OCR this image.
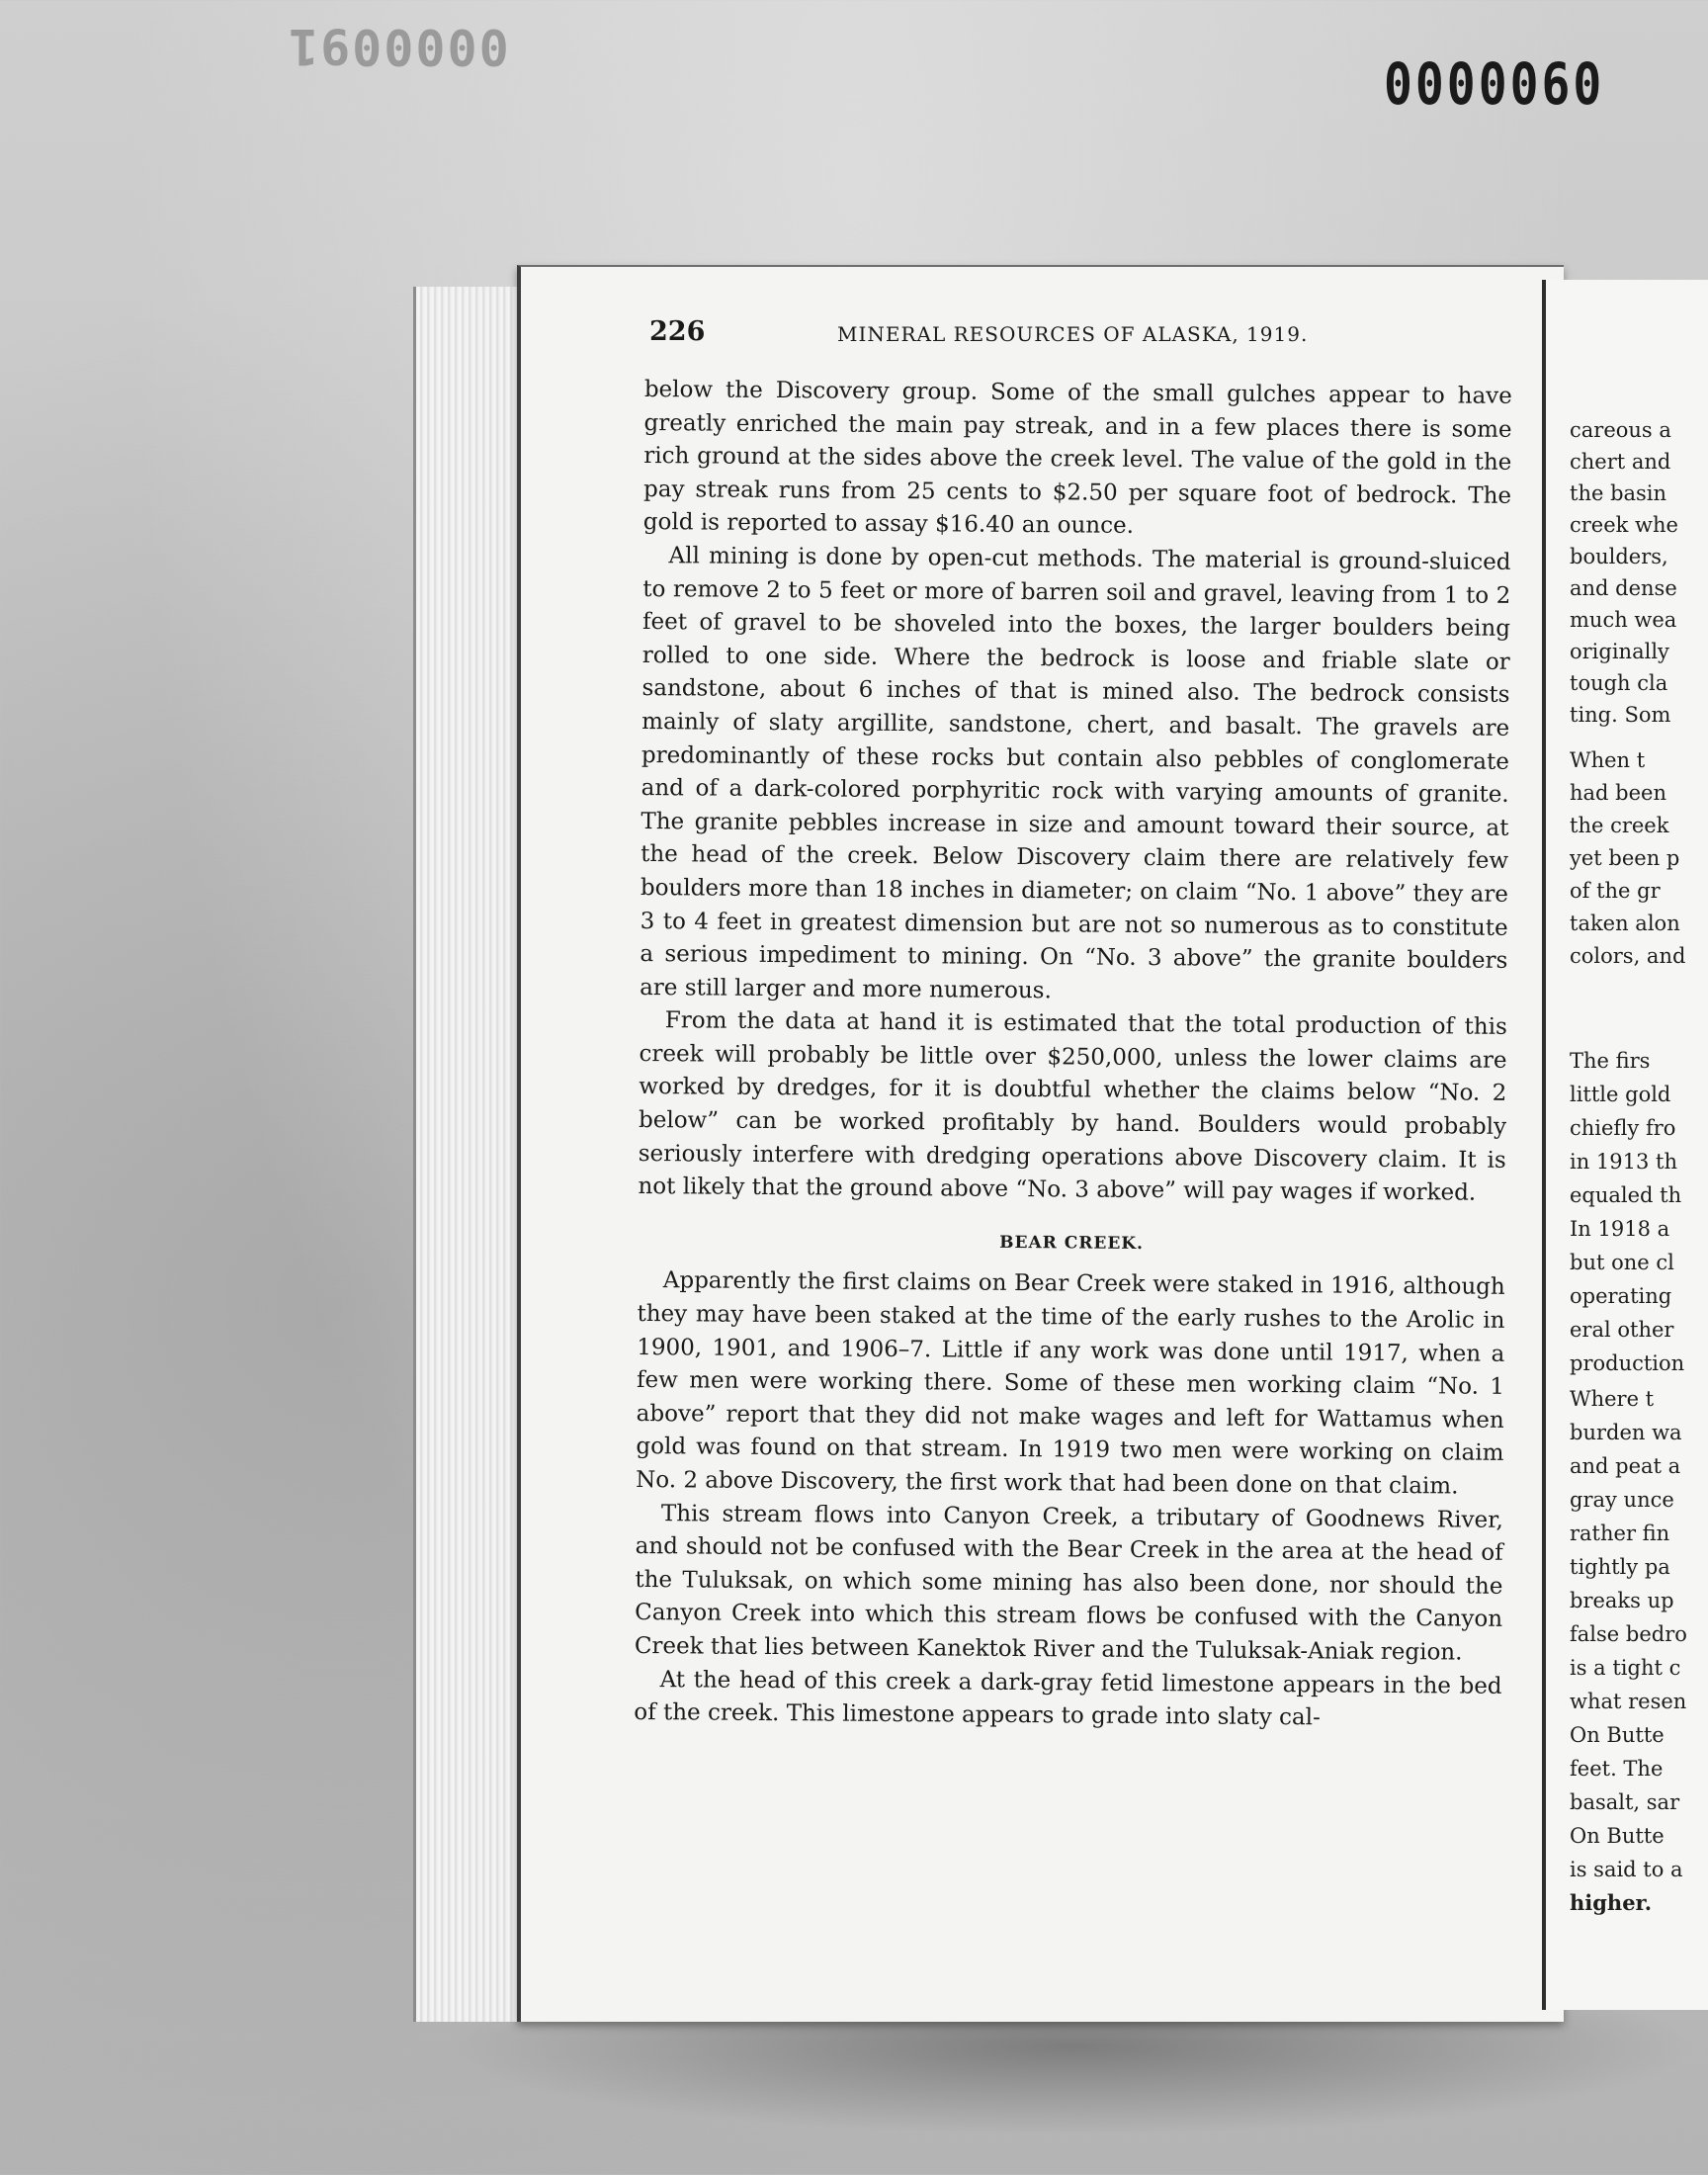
0000091
0000060
226	MINERAL RESOURCES OF ALASKA, 1919.

below the Discovery group. Some of the small gulches appear to have greatly enriched the main pay streak, and in a few places there is some rich ground at the sides above the creek level. The value of the gold in the pay streak runs from 25 cents to $2.50 per square foot of bedrock. The gold is reported to assay $16.40 an ounce.

All mining is done by open-cut methods. The material is ground-sluiced to remove 2 to 5 feet or more of barren soil and gravel, leaving from 1 to 2 feet of gravel to be shoveled into the boxes, the larger boulders being rolled to one side. Where the bedrock is loose and friable slate or sandstone, about 6 inches of that is mined also. The bedrock consists mainly of slaty argillite, sandstone, chert, and basalt. The gravels are predominantly of these rocks but contain also pebbles of conglomerate and of a dark-colored porphyritic rock with varying amounts of granite. The granite pebbles increase in size and amount toward their source, at the head of the creek. Below Discovery claim there are relatively few boulders more than 18 inches in diameter; on claim “No. 1 above” they are 3 to 4 feet in greatest dimension but are not so numerous as to constitute a serious impediment to mining. On “No. 3 above” the granite boulders are still larger and more numerous.

From the data at hand it is estimated that the total production of this creek will probably be little over $250,000, unless the lower claims are worked by dredges, for it is doubtful whether the claims below “No. 2 below” can be worked profitably by hand. Boulders would probably seriously interfere with dredging operations above Discovery claim. It is not likely that the ground above “No. 3 above” will pay wages if worked.

BEAR CREEK.

Apparently the first claims on Bear Creek were staked in 1916, although they may have been staked at the time of the early rushes to the Arolic in 1900, 1901, and 1906–7. Little if any work was done until 1917, when a few men were working there. Some of these men working claim “No. 1 above” report that they did not make wages and left for Wattamus when gold was found on that stream. In 1919 two men were working on claim No. 2 above Discovery, the first work that had been done on that claim.

This stream flows into Canyon Creek, a tributary of Goodnews River, and should not be confused with the Bear Creek in the area at the head of the Tuluksak, on which some mining has also been done, nor should the Canyon Creek into which this stream flows be confused with the Canyon Creek that lies between Kanektok River and the Tuluksak-Aniak region.

At the head of this creek a dark-gray fetid limestone appears in the bed of the creek. This limestone appears to grade into slaty cal-

careous a
chert and
the basin
creek whe
boulders,
and dense
much wea
originally
tough cla
ting. Som
When t
had been
the creek
yet been p
of the gr
taken alon
colors, and
The firs
little gold
chiefly fro
in 1913 th
equaled th
In 1918 a
but one cl
operating
eral other
production
Where t
burden wa
and peat a
gray unce
rather fin
tightly pa
breaks up
false bedro
is a tight c
what resen
On Butte
feet. The
basalt, sar
On Butte
is said to a
higher.
